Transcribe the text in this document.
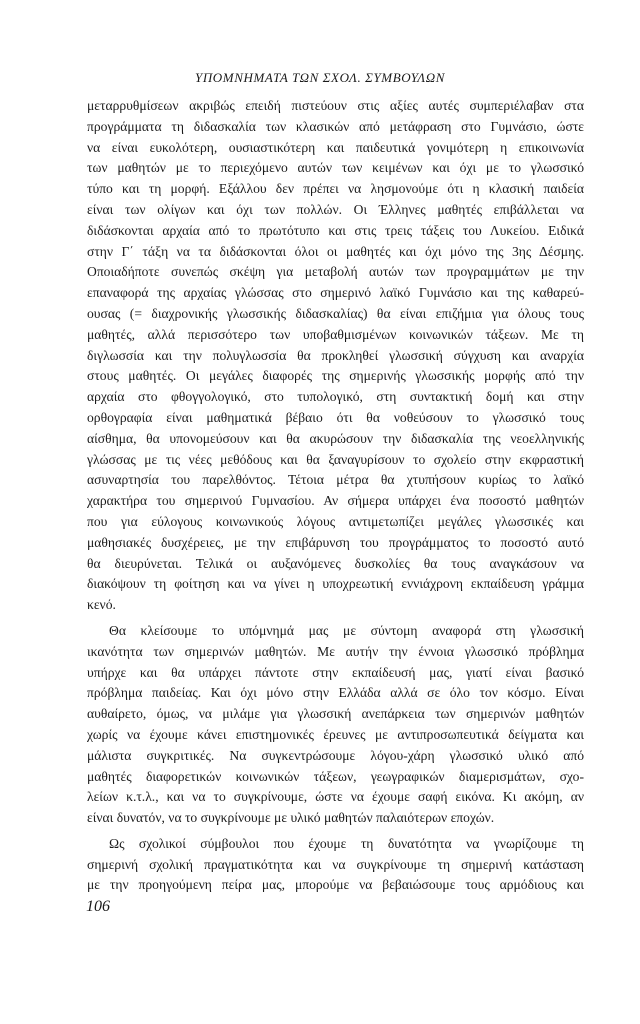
ΥΠΟΜΝΗΜΑΤΑ ΤΩΝ ΣΧΟΛ. ΣΥΜΒΟΥΛΩΝ
μεταρρυθμίσεων ακριβώς επειδή πιστεύουν στις αξίες αυτές συμπεριέλαβαν στα
προγράμματα τη διδασκαλία των κλασικών από μετάφραση στο Γυμνάσιο, ώστε
να είναι ευκολότερη, ουσιαστικότερη και παιδευτικά γονιμότερη η επικοινωνία
των μαθητών με το περιεχόμενο αυτών των κειμένων και όχι με το γλωσσικό
τύπο και τη μορφή. Εξάλλου δεν πρέπει να λησμονούμε ότι η κλασική παιδεία
είναι των ολίγων και όχι των πολλών. Οι Έλληνες μαθητές επιβάλλεται να
διδάσκονται αρχαία από το πρωτότυπο και στις τρεις τάξεις του Λυκείου. Ειδικά
στην Γ΄ τάξη να τα διδάσκονται όλοι οι μαθητές και όχι μόνο της 3ης Δέσμης.
Οποιαδήποτε συνεπώς σκέψη για μεταβολή αυτών των προγραμμάτων με την
επαναφορά της αρχαίας γλώσσας στο σημερινό λαϊκό Γυμνάσιο και της καθαρεύ-
ουσας (= διαχρονικής γλωσσικής διδασκαλίας) θα είναι επιζήμια για όλους τους
μαθητές, αλλά περισσότερο των υποβαθμισμένων κοινωνικών τάξεων. Με τη
διγλωσσία και την πολυγλωσσία θα προκληθεί γλωσσική σύγχυση και αναρχία
στους μαθητές. Οι μεγάλες διαφορές της σημερινής γλωσσικής μορφής από την
αρχαία στο φθογγολογικό, στο τυπολογικό, στη συντακτική δομή και στην
ορθογραφία είναι μαθηματικά βέβαιο ότι θα νοθεύσουν το γλωσσικό τους
αίσθημα, θα υπονομεύσουν και θα ακυρώσουν την διδασκαλία της νεοελληνικής
γλώσσας με τις νέες μεθόδους και θα ξαναγυρίσουν το σχολείο στην εκφραστική
ασυναρτησία του παρελθόντος. Τέτοια μέτρα θα χτυπήσουν κυρίως το λαϊκό
χαρακτήρα του σημερινού Γυμνασίου. Αν σήμερα υπάρχει ένα ποσοστό μαθητών
που για εύλογους κοινωνικούς λόγους αντιμετωπίζει μεγάλες γλωσσικές και
μαθησιακές δυσχέρειες, με την επιβάρυνση του προγράμματος το ποσοστό αυτό
θα διευρύνεται. Τελικά οι αυξανόμενες δυσκολίες θα τους αναγκάσουν να
διακόψουν τη φοίτηση και να γίνει η υποχρεωτική εννιάχρονη εκπαίδευση γράμμα
κενό.
Θα κλείσουμε το υπόμνημά μας με σύντομη αναφορά στη γλωσσική
ικανότητα των σημερινών μαθητών. Με αυτήν την έννοια γλωσσικό πρόβλημα
υπήρχε και θα υπάρχει πάντοτε στην εκπαίδευσή μας, γιατί είναι βασικό
πρόβλημα παιδείας. Και όχι μόνο στην Ελλάδα αλλά σε όλο τον κόσμο. Είναι
αυθαίρετο, όμως, να μιλάμε για γλωσσική ανεπάρκεια των σημερινών μαθητών
χωρίς να έχουμε κάνει επιστημονικές έρευνες με αντιπροσωπευτικά δείγματα και
μάλιστα συγκριτικές. Να συγκεντρώσουμε λόγου-χάρη γλωσσικό υλικό από
μαθητές διαφορετικών κοινωνικών τάξεων, γεωγραφικών διαμερισμάτων, σχο-
λείων κ.τ.λ., και να το συγκρίνουμε, ώστε να έχουμε σαφή εικόνα. Κι ακόμη, αν
είναι δυνατόν, να το συγκρίνουμε με υλικό μαθητών παλαιότερων εποχών.
Ως σχολικοί σύμβουλοι που έχουμε τη δυνατότητα να γνωρίζουμε τη
σημερινή σχολική πραγματικότητα και να συγκρίνουμε τη σημερινή κατάσταση
με την προηγούμενη πείρα μας, μπορούμε να βεβαιώσουμε τους αρμόδιους και
106
